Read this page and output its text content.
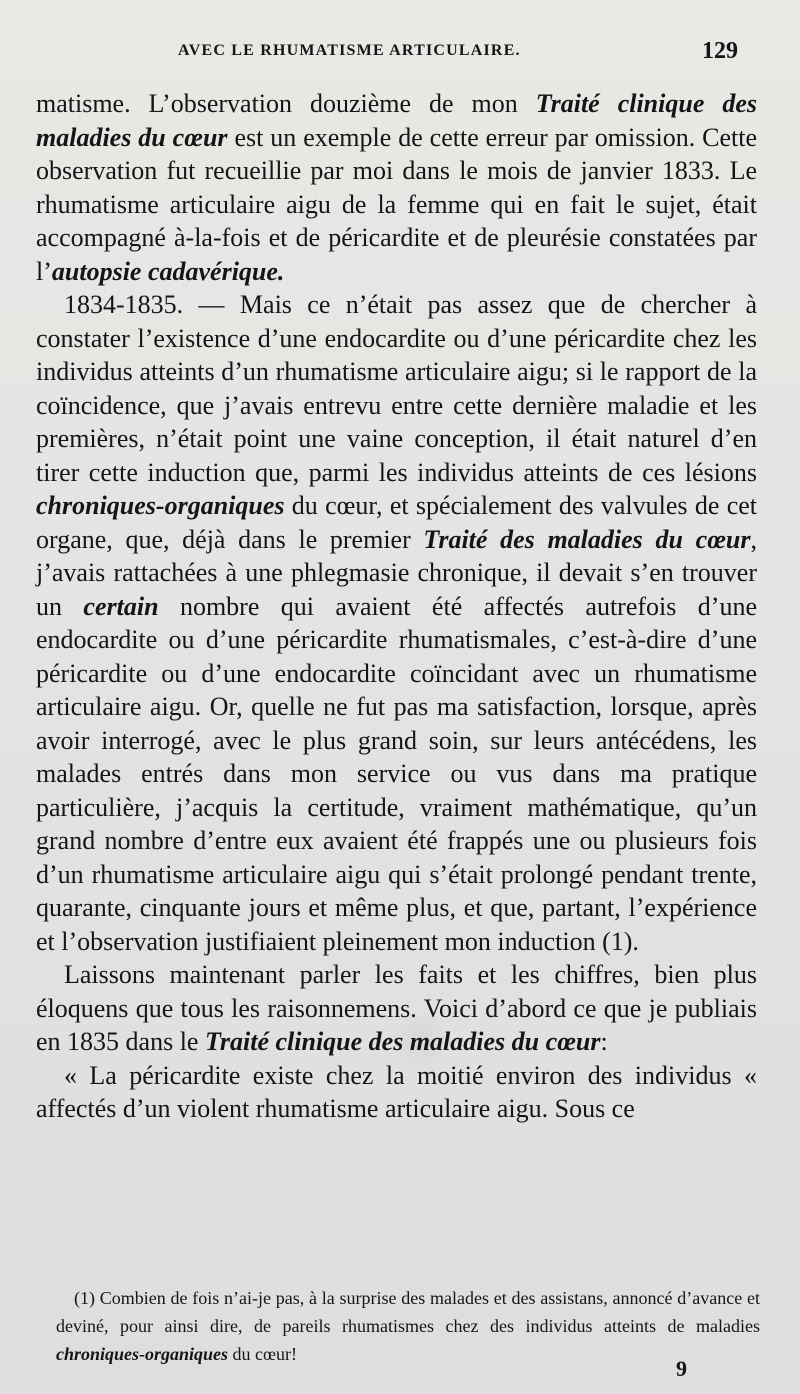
AVEC LE RHUMATISME ARTICULAIRE.	129

matisme. L’observation douzième de mon Traité clinique des maladies du cœur est un exemple de cette erreur par omission. Cette observation fut recueillie par moi dans le mois de janvier 1833. Le rhumatisme articulaire aigu de la femme qui en fait le sujet, était accompagné à-la-fois et de péricardite et de pleurésie constatées par l’autopsie cadavérique.

1834-1835. — Mais ce n’était pas assez que de chercher à constater l’existence d’une endocardite ou d’une péricardite chez les individus atteints d’un rhumatisme articulaire aigu; si le rapport de la coïncidence, que j’avais entrevu entre cette dernière maladie et les premières, n’était point une vaine conception, il était naturel d’en tirer cette induction que, parmi les individus atteints de ces lésions chroniques-organiques du cœur, et spécialement des valvules de cet organe, que, déjà dans le premier Traité des maladies du cœur, j’avais rattachées à une phlegmasie chronique, il devait s’en trouver un certain nombre qui avaient été affectés autrefois d’une endocardite ou d’une péricardite rhumatismales, c’est-à-dire d’une péricardite ou d’une endocardite coïncidant avec un rhumatisme articulaire aigu. Or, quelle ne fut pas ma satisfaction, lorsque, après avoir interrogé, avec le plus grand soin, sur leurs antécédens, les malades entrés dans mon service ou vus dans ma pratique particulière, j’acquis la certitude, vraiment mathématique, qu’un grand nombre d’entre eux avaient été frappés une ou plusieurs fois d’un rhumatisme articulaire aigu qui s’était prolongé pendant trente, quarante, cinquante jours et même plus, et que, partant, l’expérience et l’observation justifiaient pleinement mon induction (1).

Laissons maintenant parler les faits et les chiffres, bien plus éloquens que tous les raisonnemens. Voici d’abord ce que je publiais en 1835 dans le Traité clinique des maladies du cœur:

« La péricardite existe chez la moitié environ des individus « affectés d’un violent rhumatisme articulaire aigu. Sous ce

(1) Combien de fois n’ai-je pas, à la surprise des malades et des assistans, annoncé d’avance et deviné, pour ainsi dire, de pareils rhumatismes chez des individus atteints de maladies chroniques-organiques du cœur!

9
